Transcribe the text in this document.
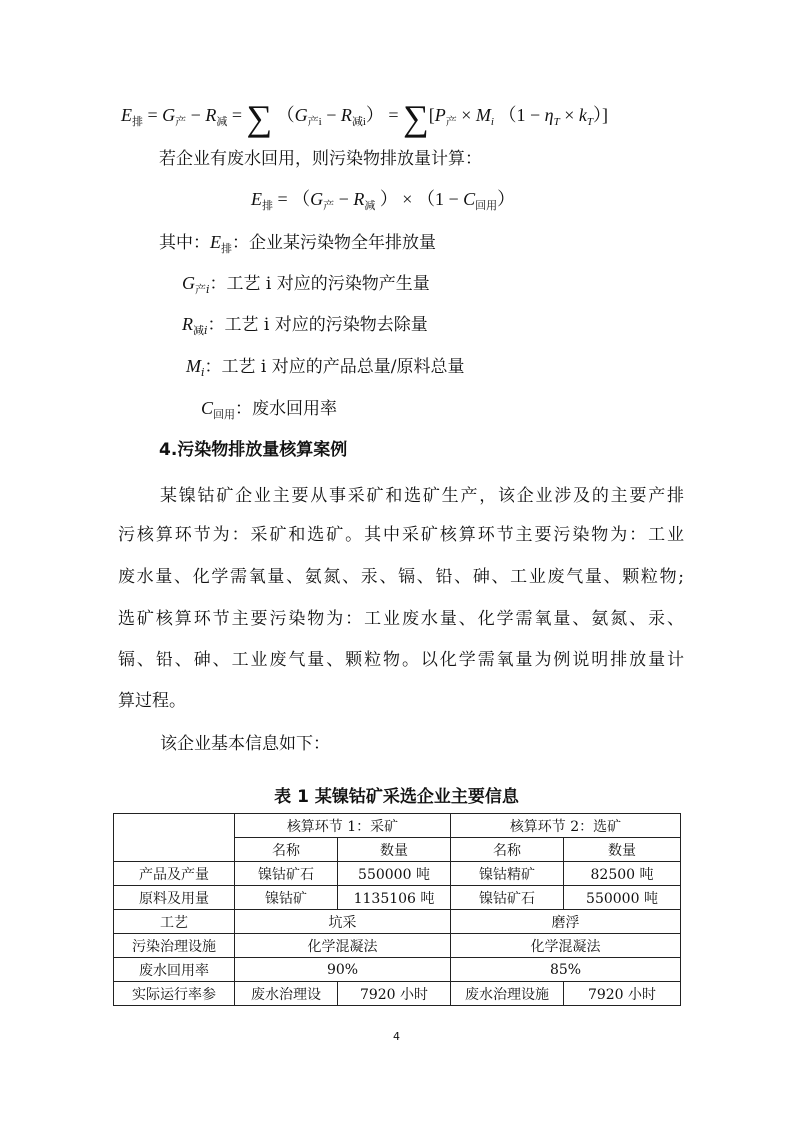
$E_排 = G_产 - R_减$ = ∑ $(G_{产i} - R_{减i}) = \sum[P_产 \times M_i$ $(1 - \eta_T \times k_T)$]
若企业有废水回用，则污染物排放量计算：
$E_排 = (G_产 - R_减$ ） × $(1 - C_{回用})$
其中：$E_排$：企业某污染物全年排放量
$G_{产i}$：工艺 i 对应的污染物产生量
$R_{减i}$：工艺 i 对应的污染物去除量
$M_i$：工艺 i 对应的产品总量/原料总量
$C_{回用}$：废水回用率
4.污染物排放量核算案例
某镍钴矿企业主要从事采矿和选矿生产，该企业涉及的主要产排
污核算环节为：采矿和选矿。其中采矿核算环节主要污染物为：工业
废水量、化学需氧量、氨氮、汞、镉、铅、砷、工业废气量、颗粒物;
选矿核算环节主要污染物为：工业废水量、化学需氧量、氨氮、汞、
镉、铅、砷、工业废气量、颗粒物。以化学需氧量为例说明排放量计
算过程。
该企业基本信息如下：
表 1 某镍钴矿采选企业主要信息
	核算环节 1：采矿		核算环节 2：选矿	
	名称	数量	名称	数量
产品及产量	镍钴矿石	550000 吨	镍钴精矿	82500 吨
原料及用量	镍钴矿	1135106 吨	镍钴矿石	550000 吨
工艺	坑采		磨浮	
污染治理设施	化学混凝法		化学混凝法	
废水回用率	90%		85%	
实际运行率参	废水治理设	7920 小时	废水治理设施	7920 小时
4
